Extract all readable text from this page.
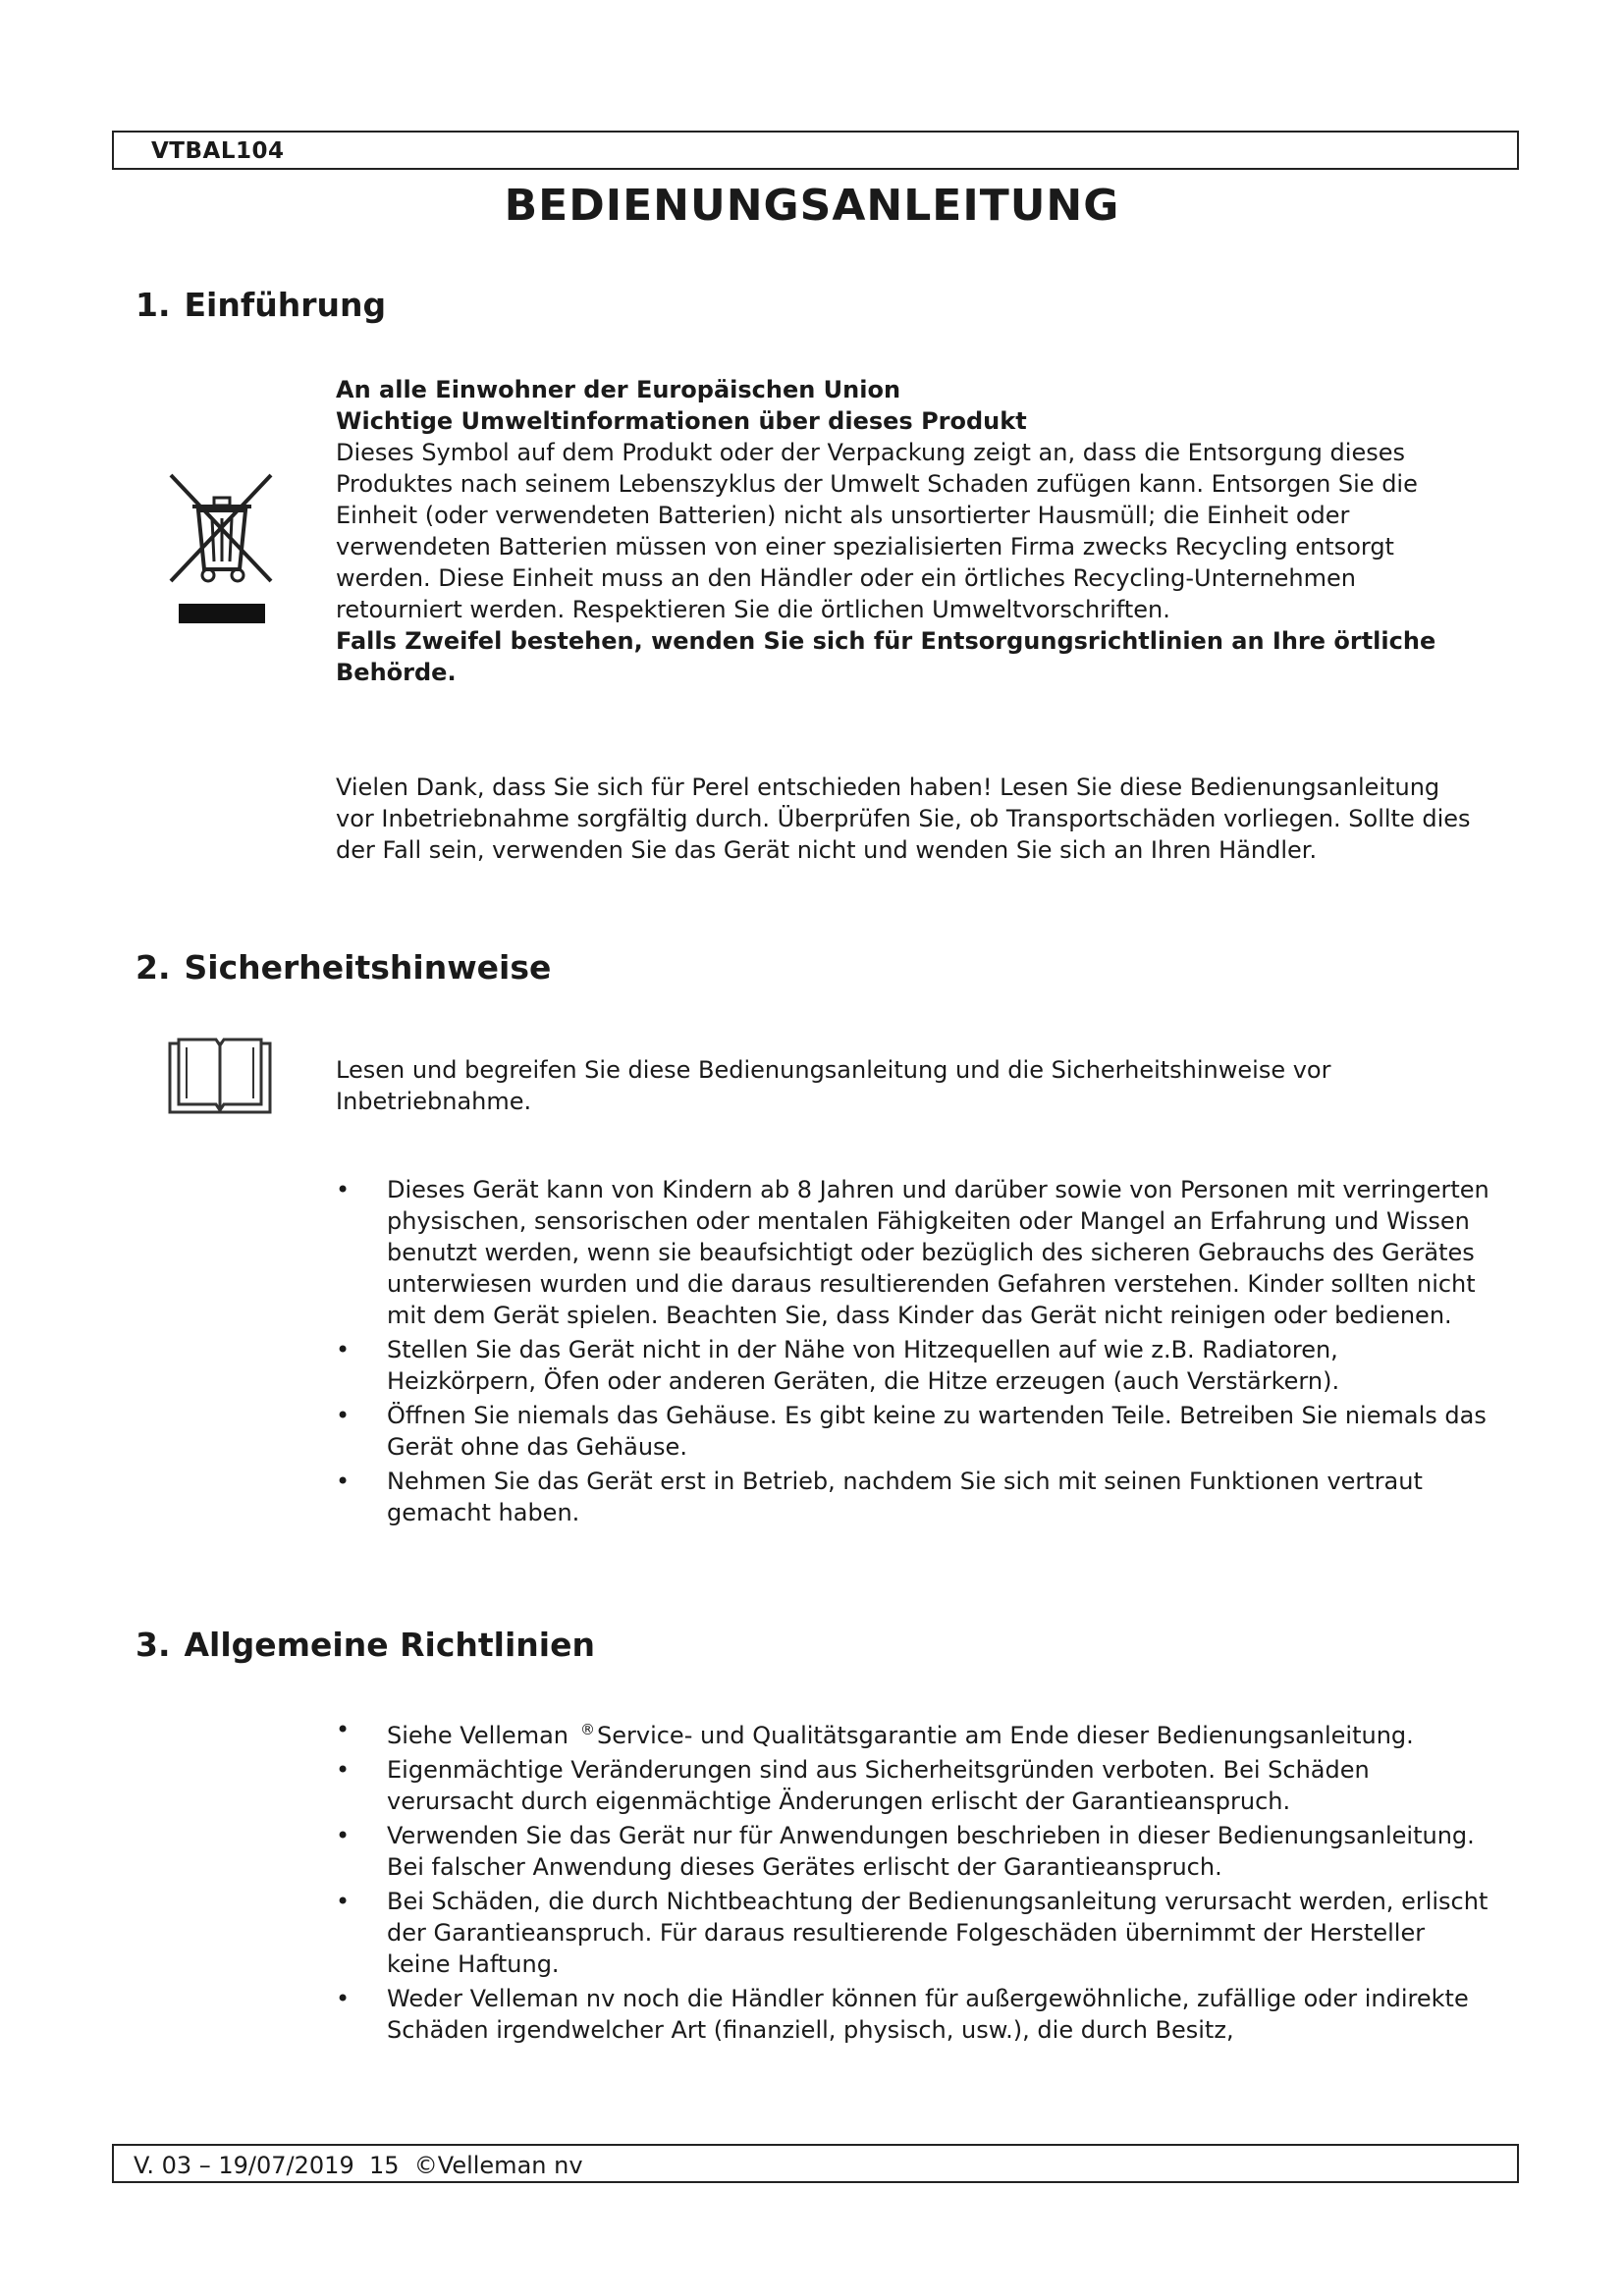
VTBAL104
BEDIENUNGSANLEITUNG
1. Einführung

An alle Einwohner der Europäischen Union

Wichtige Umweltinformationen über dieses Produkt

Dieses Symbol auf dem Produkt oder der Verpackung zeigt an, dass die Entsorgung dieses Produktes nach seinem Lebenszyklus der Umwelt Schaden zufügen kann. Entsorgen Sie die Einheit (oder verwendeten Batterien) nicht als unsortierter Hausmüll; die Einheit oder verwendeten Batterien müssen von einer spezialisierten Firma zwecks Recycling entsorgt werden. Diese Einheit muss an den Händler oder ein örtliches Recycling-Unternehmen retourniert werden. Respektieren Sie die örtlichen Umweltvorschriften.

Falls Zweifel bestehen, wenden Sie sich für Entsorgungsrichtlinien an Ihre örtliche Behörde.

Vielen Dank, dass Sie sich für Perel entschieden haben! Lesen Sie diese Bedienungsanleitung vor Inbetriebnahme sorgfältig durch. Überprüfen Sie, ob Transportschäden vorliegen. Sollte dies der Fall sein, verwenden Sie das Gerät nicht und wenden Sie sich an Ihren Händler.

2. Sicherheitshinweise

Lesen und begreifen Sie diese Bedienungsanleitung und die Sicherheitshinweise vor Inbetriebnahme.

• Dieses Gerät kann von Kindern ab 8 Jahren und darüber sowie von Personen mit verringerten physischen, sensorischen oder mentalen Fähigkeiten oder Mangel an Erfahrung und Wissen benutzt werden, wenn sie beaufsichtigt oder bezüglich des sicheren Gebrauchs des Gerätes unterwiesen wurden und die daraus resultierenden Gefahren verstehen. Kinder sollten nicht mit dem Gerät spielen. Beachten Sie, dass Kinder das Gerät nicht reinigen oder bedienen.
• Stellen Sie das Gerät nicht in der Nähe von Hitzequellen auf wie z.B. Radiatoren, Heizkörpern, Öfen oder anderen Geräten, die Hitze erzeugen (auch Verstärkern).
• Öffnen Sie niemals das Gehäuse. Es gibt keine zu wartenden Teile. Betreiben Sie niemals das Gerät ohne das Gehäuse.
• Nehmen Sie das Gerät erst in Betrieb, nachdem Sie sich mit seinen Funktionen vertraut gemacht haben.
3. Allgemeine Richtlinien
• Siehe Velleman ®Service- und Qualitätsgarantie am Ende dieser Bedienungsanleitung.
• Eigenmächtige Veränderungen sind aus Sicherheitsgründen verboten. Bei Schäden verursacht durch eigenmächtige Änderungen erlischt der Garantieanspruch.
• Verwenden Sie das Gerät nur für Anwendungen beschrieben in dieser Bedienungsanleitung. Bei falscher Anwendung dieses Gerätes erlischt der Garantieanspruch.
• Bei Schäden, die durch Nichtbeachtung der Bedienungsanleitung verursacht werden, erlischt der Garantieanspruch. Für daraus resultierende Folgeschäden übernimmt der Hersteller keine Haftung.
• Weder Velleman nv noch die Händler können für außergewöhnliche, zufällige oder indirekte Schäden irgendwelcher Art (finanziell, physisch, usw.), die durch Besitz,
V. 03 – 19/07/2019  15  ©Velleman nv
